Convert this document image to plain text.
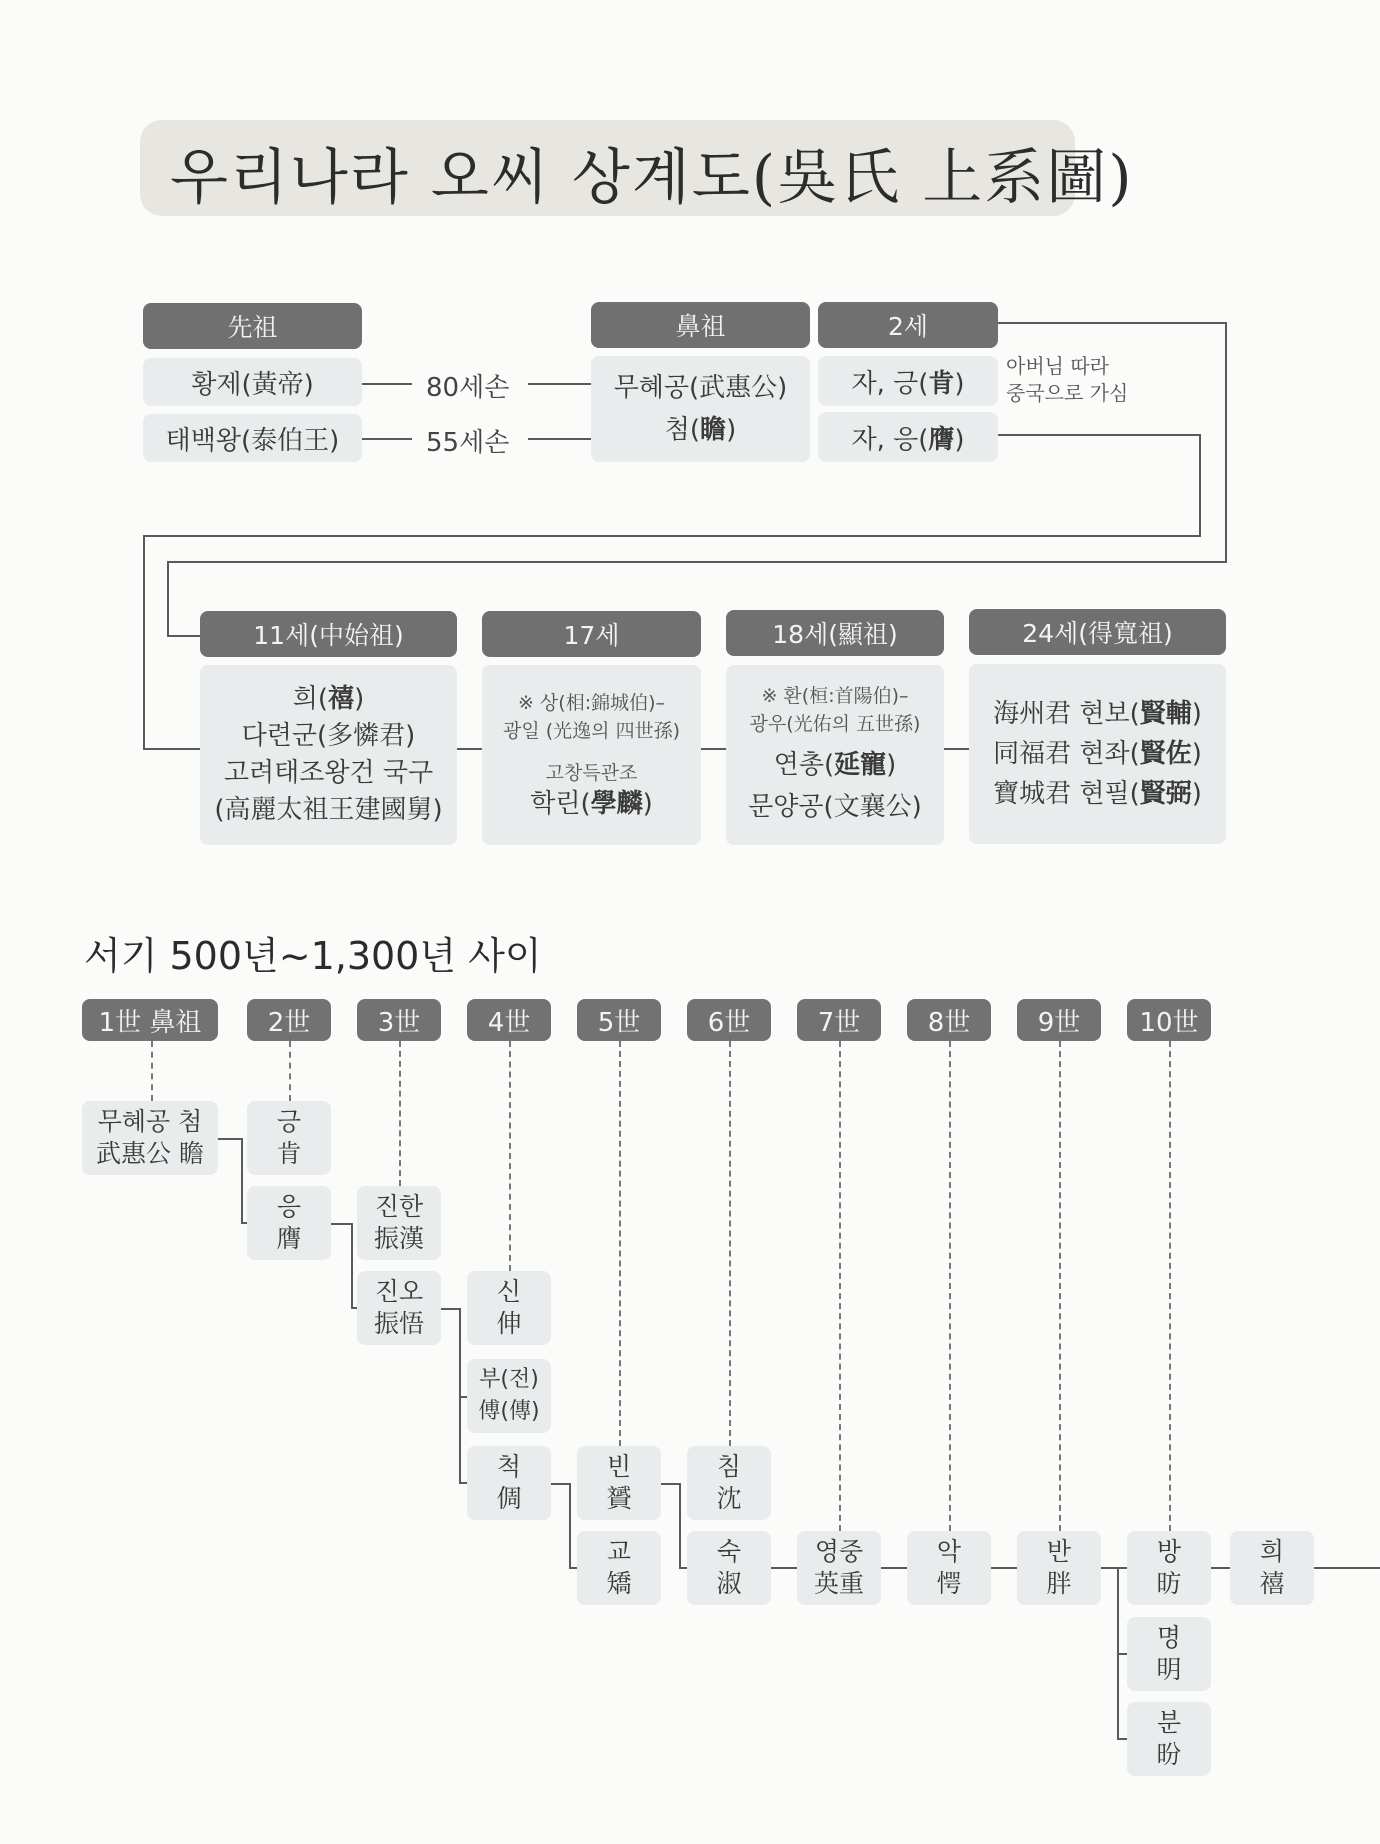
우리나라 오씨 상계도(吳氏 上系圖)
先祖	鼻祖	2세
황제(黃帝)
태백왕(泰伯王)
80세손
55세손
무혜공(武惠公)
첨(瞻)
자, 긍(肯)
자, 응(膺)
아버님 따라
중국으로 가심
11세(中始祖)	17세	18세(顯祖)	24세(得寬祖)
희(禧)
다련군(多憐君)
고려태조왕건 국구
(高麗太祖王建國舅)
※ 상(相:錦城伯)–
광일 (光逸의 四世孫)
고창득관조
학린(學麟)
※ 환(桓:首陽伯)–
광우(光佑의 五世孫)
연총(延寵)
문양공(文襄公)
海州君 현보(賢輔)
同福君 현좌(賢佐)
寶城君 현필(賢弼)
서기 500년~1,300년 사이
1世 鼻祖	2世	3世	4世	5世	6世	7世	8世	9世	10世
무혜공 첨
武惠公 瞻
긍
肯
응
膺
진한
振漢
진오
振悟
신
伸
부(전)
傅(傳)
척
倜
빈
贇
교
矯
침
沈
숙
淑
영중
英重
악
愕
반
胖
방
昉
명
明
분
昐
희
禧
